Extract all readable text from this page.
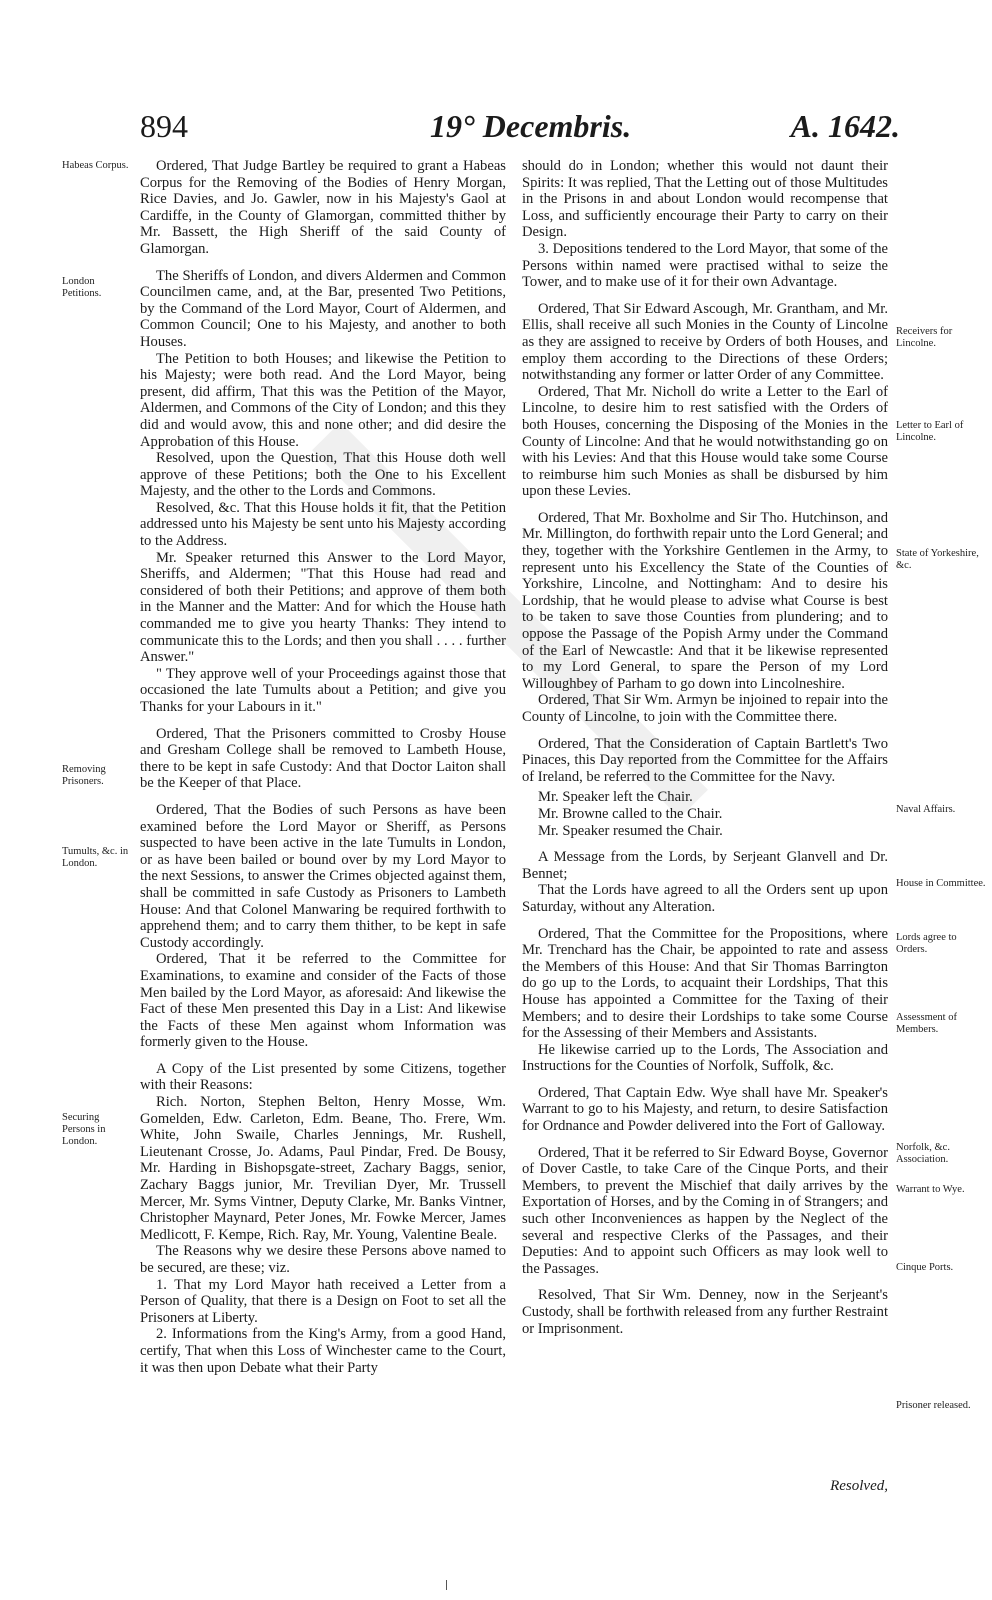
894	19° Decembris.	A. 1642.
Habeas Corpus.
London Petitions.
Removing Prisoners.
Tumults, &c. in London.
Securing Persons in London.
Receivers for Lincolne.
Letter to Earl of Lincolne.
State of Yorkeshire, &c.
Naval Affairs.
House in Committee.
Lords agree to Orders.
Assessment of Members.
Norfolk, &c. Association.
Warrant to Wye.
Cinque Ports.
Prisoner released.

Ordered, That Judge Bartley be required to grant a Habeas Corpus for the Removing of the Bodies of Henry Morgan, Rice Davies, and Jo. Gawler, now in his Majesty's Gaol at Cardiffe, in the County of Glamorgan, committed thither by Mr. Bassett, the High Sheriff of the said County of Glamorgan.

The Sheriffs of London, and divers Aldermen and Common Councilmen came, and, at the Bar, presented Two Petitions, by the Command of the Lord Mayor, Court of Aldermen, and Common Council; One to his Majesty, and another to both Houses.

The Petition to both Houses; and likewise the Petition to his Majesty; were both read. And the Lord Mayor, being present, did affirm, That this was the Petition of the Mayor, Aldermen, and Commons of the City of London; and this they did and would avow, this and none other; and did desire the Approbation of this House.

Resolved, upon the Question, That this House doth well approve of these Petitions; both the One to his Excellent Majesty, and the other to the Lords and Commons.

Resolved, &c. That this House holds it fit, that the Petition addressed unto his Majesty be sent unto his Majesty according to the Address.

Mr. Speaker returned this Answer to the Lord Mayor, Sheriffs, and Aldermen; "That this House had read and considered of both their Petitions; and approve of them both in the Manner and the Matter: And for which the House hath commanded me to give you hearty Thanks: They intend to communicate this to the Lords; and then you shall . . . . further Answer."

" They approve well of your Proceedings against those that occasioned the late Tumults about a Petition; and give you Thanks for your Labours in it."

Ordered, That the Prisoners committed to Crosby House and Gresham College shall be removed to Lambeth House, there to be kept in safe Custody: And that Doctor Laiton shall be the Keeper of that Place.

Ordered, That the Bodies of such Persons as have been examined before the Lord Mayor or Sheriff, as Persons suspected to have been active in the late Tumults in London, or as have been bailed or bound over by my Lord Mayor to the next Sessions, to answer the Crimes objected against them, shall be committed in safe Custody as Prisoners to Lambeth House: And that Colonel Manwaring be required forthwith to apprehend them; and to carry them thither, to be kept in safe Custody accordingly.

Ordered, That it be referred to the Committee for Examinations, to examine and consider of the Facts of those Men bailed by the Lord Mayor, as aforesaid: And likewise the Fact of these Men presented this Day in a List: And likewise the Facts of these Men against whom Information was formerly given to the House.

A Copy of the List presented by some Citizens, together with their Reasons:

Rich. Norton, Stephen Belton, Henry Mosse, Wm. Gomelden, Edw. Carleton, Edm. Beane, Tho. Frere, Wm. White, John Swaile, Charles Jennings, Mr. Rushell, Lieutenant Crosse, Jo. Adams, Paul Pindar, Fred. De Bousy, Mr. Harding in Bishopsgate-street, Zachary Baggs, senior, Zachary Baggs junior, Mr. Trevilian Dyer, Mr. Trussell Mercer, Mr. Syms Vintner, Deputy Clarke, Mr. Banks Vintner, Christopher Maynard, Peter Jones, Mr. Fowke Mercer, James Medlicott, F. Kempe, Rich. Ray, Mr. Young, Valentine Beale.

The Reasons why we desire these Persons above named to be secured, are these; viz.

1. That my Lord Mayor hath received a Letter from a Person of Quality, that there is a Design on Foot to set all the Prisoners at Liberty.

2. Informations from the King's Army, from a good Hand, certify, That when this Loss of Winchester came to the Court, it was then upon Debate what their Party

should do in London; whether this would not daunt their Spirits: It was replied, That the Letting out of those Multitudes in the Prisons in and about London would recompense that Loss, and sufficiently encourage their Party to carry on their Design.

3. Depositions tendered to the Lord Mayor, that some of the Persons within named were practised withal to seize the Tower, and to make use of it for their own Advantage.

Ordered, That Sir Edward Ascough, Mr. Grantham, and Mr. Ellis, shall receive all such Monies in the County of Lincolne as they are assigned to receive by Orders of both Houses, and employ them according to the Directions of these Orders; notwithstanding any former or latter Order of any Committee.

Ordered, That Mr. Nicholl do write a Letter to the Earl of Lincolne, to desire him to rest satisfied with the Orders of both Houses, concerning the Disposing of the Monies in the County of Lincolne: And that he would notwithstanding go on with his Levies: And that this House would take some Course to reimburse him such Monies as shall be disbursed by him upon these Levies.

Ordered, That Mr. Boxholme and Sir Tho. Hutchinson, and Mr. Millington, do forthwith repair unto the Lord General; and they, together with the Yorkshire Gentlemen in the Army, to represent unto his Excellency the State of the Counties of Yorkshire, Lincolne, and Nottingham: And to desire his Lordship, that he would please to advise what Course is best to be taken to save those Counties from plundering; and to oppose the Passage of the Popish Army under the Command of the Earl of Newcastle: And that it be likewise represented to my Lord General, to spare the Person of my Lord Willoughbey of Parham to go down into Lincolneshire.

Ordered, That Sir Wm. Armyn be injoined to repair into the County of Lincolne, to join with the Committee there.

Ordered, That the Consideration of Captain Bartlett's Two Pinaces, this Day reported from the Committee for the Affairs of Ireland, be referred to the Committee for the Navy.

Mr. Speaker left the Chair.

Mr. Browne called to the Chair.

Mr. Speaker resumed the Chair.

A Message from the Lords, by Serjeant Glanvell and Dr. Bennet;

That the Lords have agreed to all the Orders sent up upon Saturday, without any Alteration.

Ordered, That the Committee for the Propositions, where Mr. Trenchard has the Chair, be appointed to rate and assess the Members of this House: And that Sir Thomas Barrington do go up to the Lords, to acquaint their Lordships, That this House has appointed a Committee for the Taxing of their Members; and to desire their Lordships to take some Course for the Assessing of their Members and Assistants.

He likewise carried up to the Lords, The Association and Instructions for the Counties of Norfolk, Suffolk, &c.

Ordered, That Captain Edw. Wye shall have Mr. Speaker's Warrant to go to his Majesty, and return, to desire Satisfaction for Ordnance and Powder delivered into the Fort of Galloway.

Ordered, That it be referred to Sir Edward Boyse, Governor of Dover Castle, to take Care of the Cinque Ports, and their Members, to prevent the Mischief that daily arrives by the Exportation of Horses, and by the Coming in of Strangers; and such other Inconveniences as happen by the Neglect of the several and respective Clerks of the Passages, and their Deputies: And to appoint such Officers as may look well to the Passages.

Resolved, That Sir Wm. Denney, now in the Serjeant's Custody, shall be forthwith released from any further Restraint or Imprisonment.

Resolved,
